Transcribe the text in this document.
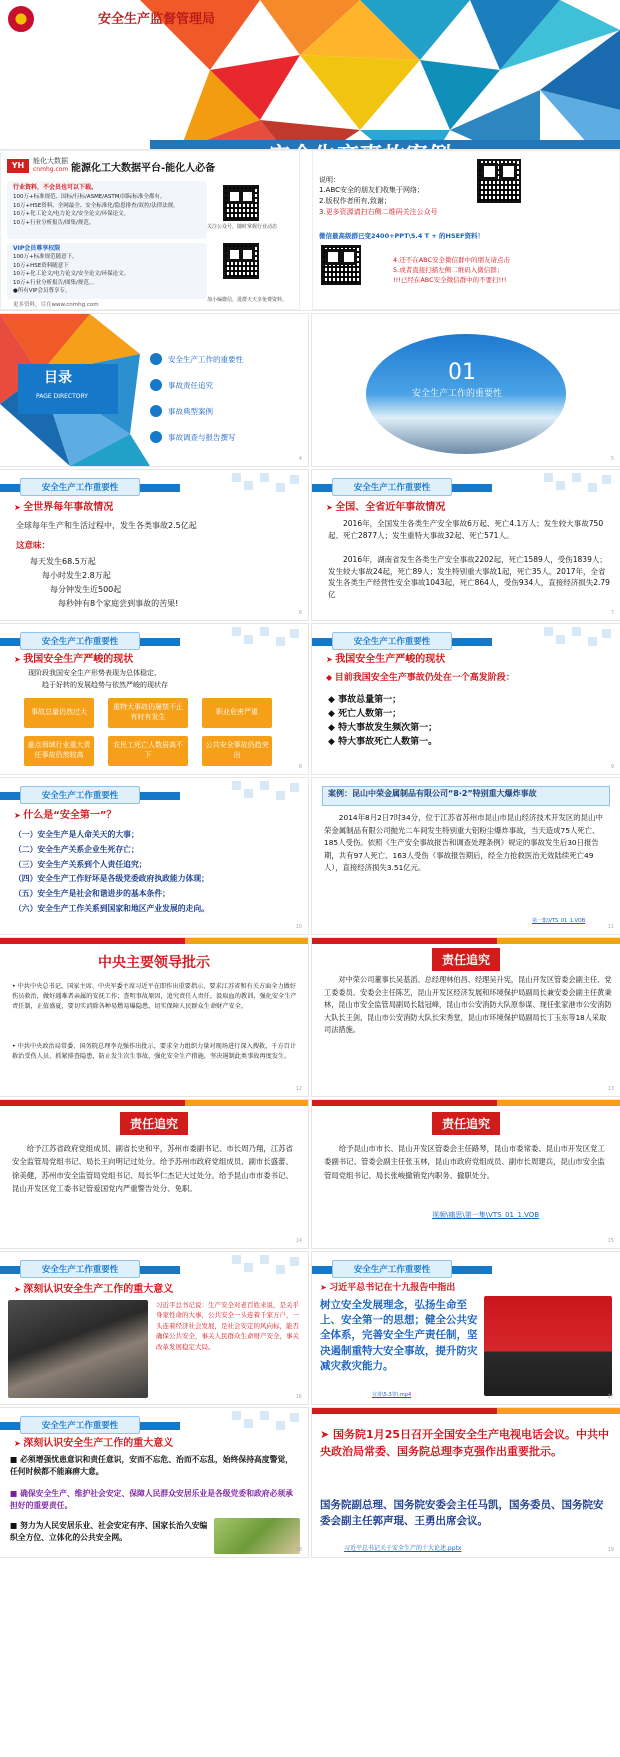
安全生产监督管理局
YH	能化大数据
cnmhg.com 能源化工大数据平台-能化人必备
行业资料，不会员也可以下载。
100万+标准规范、国标/行标/ASME/ASTM/国际标准全都有。
10万+HSE资料、全网最全、安全标准化/隐患排查/双控/法律法规。
10万+化工论文/电力论文/安全论文/环保论文。
10万+行业分析报告/图集/规范。
关注公众号，随时掌握行业动态
VIP会员尊享权限
100万+标准规范随意下。
10万+HSE资料随意下
10万+化工论文/电力论文/安全论文/环保论文。
10万+行业分析报告/图集/规范。。
●所有VIP会员尊享专。
更多资料，尽在www.cnmhg.com
加小编微信，进群天天享免费资料。
说明：
1.ABC安全的朋友们收集于网络；
2.版权作者所有,致谢；
3.更多资源请扫右侧二维码关注公众号
微信最高级群已变2400+PPT\5.4 T + 的HSEF资料！
4.还不在ABC安全微信群中的朋友请点击
5.或者直接扫描左侧二维码入微信群；
!!!已经在ABC安全微信群中的不要扫!!!
目录
PAGE DIRECTORY
安全生产工作的重要性
事故责任追究
事故典型案例
事故调查与报告撰写
4
01
安全生产工作的重要性
5
安全生产工作重要性
➤ 全世界每年事故情况
全球每年生产和生活过程中，发生各类事故2.5亿起
这意味：
每天发生68.5万起
每小时发生2.8万起
每分钟发生近500起
每秒钟有8个家庭尝到事故的苦果!
6
安全生产工作重要性
➤ 全国、全省近年事故情况
2016年，全国发生各类生产安全事故6万起、死亡4.1万人；发生较大事故750起、死亡2877人；发生重特大事故32起、死亡571人。
2016年，湖南省发生各类生产安全事故2202起，死亡1589人，受伤1839人；发生较大事故24起，死亡89人；发生特别重大事故1起，死亡35人。2017年，全省发生各类生产经营性安全事故1043起，死亡864人，受伤934人，直接经济损失2.79亿
7
安全生产工作重要性
➤ 我国安全生产严峻的现状
现阶段我国安全生产形势表现为总体稳定、
趋于好转的发展趋势与依然严峻的现状存
事故总量仍然过大
重特大事故仍屡禁不止有时有发生
职业危害严重
重点领域行业重大责任事故仍然较高
农民工死亡人数居高不下
公共安全事故仍趋突出
8
安全生产工作重要性
➤ 我国安全生产严峻的现状
◆ 目前我国安全生产事故仍处在一个高发阶段：
◆ 事故总量第一；
◆ 死亡人数第一；
◆ 特大事故发生频次第一；
◆ 特大事故死亡人数第一。
9
安全生产工作重要性
➤ 什么是“安全第一”？
（一）安全生产是人命关天的大事；
（二）安全生产关系企业生死存亡；
（三）安全生产关系到个人责任追究；
（四）安全生产工作好坏是各级党委政府执政能力体现；
（五）安全生产是社会和谐进步的基本条件；
（六）安全生产工作关系到国家和地区产业发展的走向。
10
案例：昆山中荣金属制品有限公司“8·2”特别重大爆炸事故
2014年8月2日7时34分，位于江苏省苏州市昆山市昆山经济技术开发区的昆山中荣金属制品有限公司抛光二车间发生特别重大铝粉尘爆炸事故，当天造成75人死亡、185人受伤。依照《生产安全事故报告和调查处理条例》规定的事故发生后30日报告期，共有97人死亡、163人受伤（事故报告期后，经全力抢救医治无效陆续死亡49人），直接经济损失3.51亿元。
第一集\VTS_01_1.VOB
11
中央主要领导批示
• 中共中央总书记、国家主席、中央军委主席习近平在即作出重要指示，要求江苏省和有关方面全力做好伤员救治，做好遇难者亲属的安抚工作；查明事故原因，追究责任人责任，汲取血的教训，强化安全生产责任制，正值盛夏，要切实消除各种易燃易爆隐患，切实保障人民群众生命财产安全。
• 中共中央政治局常委、国务院总理李克强作出批示，要求全力组织力量对现场进行深入搜救，千方百计救治受伤人员，抓紧排查隐患，防止发生次生事故，强化安全生产措施，坚决遏制此类事故再度发生。
12
责任追究
对中荣公司董事长吴基滔、总经理林伯昌、经理吴升宪，昆山开发区管委会副主任、党工委委员、安委会主任陈艺，昆山开发区经济发展和环境保护局副局长兼安委会副主任黄秉林，昆山市安全监管局副局长陆冠峰，昆山市公安消防大队原参谋、现任张家港市公安消防大队长王剑，昆山市公安消防大队长宋秀堂，昆山市环境保护局副局长丁玉东等18人采取司法措施。
13
责任追究
给予江苏省政府党组成员、副省长史和平，苏州市委副书记、市长周乃翔，江苏省安全监管局党组书记、局长王向明记过处分。给予苏州市政府党组成员、副市长盛蕾、徐美健，苏州市安全监管局党组书记、局长华仁杰记大过处分。给予昆山市市委书记、昆山开发区党工委书记管爱国党内严重警告处分、免职。
14
责任追究
给予昆山市市长、昆山开发区管委会主任路琴，昆山市委常委、昆山市开发区党工委副书记、管委会副主任张玉林，昆山市政府党组成员、副市长周建兵，昆山市安全监管局党组书记、局长张峻撤销党内职务、撤职处分。
视频\痛思\第一集\VTS_01_1.VOB
15
安全生产工作重要性
➤ 深刻认识安全生产工作的重大意义
习近平总书记说：生产安全对老百姓来说，是关乎身家性命的大事，公共安全一头连着千家万户，一头连着经济社会发展，是社会安定的风向标，能否确保公共安全，事关人民群众生命财产安全，事关改革发展稳定大局。
16
安全生产工作重要性
➤ 习近平总书记在十九报告中指出
树立安全发展理念，弘扬生命至上、安全第一的思想；健全公共安全体系，完善安全生产责任制，坚决遏制重特大安全事故，提升防灾减灾救灾能力。
宣讲\5.3等\.mp4	17
安全生产工作重要性
➤ 深刻认识安全生产工作的重大意义
■ 必须增强忧患意识和责任意识，安而不忘危、治而不忘乱，始终保持高度警觉，任何时候都不能麻痹大意。
■ 确保安全生产、维护社会安定、保障人民群众安居乐业是各级党委和政府必须承担好的重要责任。
■ 努力为人民安居乐业、社会安定有序、国家长治久安编织全方位、立体化的公共安全网。
18
➤ 国务院1月25日召开全国安全生产电视电话会议。中共中央政治局常委、国务院总理李克强作出重要批示。
国务院副总理、国务院安委会主任马凯，国务委员、国务院安委会副主任郭声琨、王勇出席会议。
习近平总书记关于安全生产的十大论述.pptx	19
